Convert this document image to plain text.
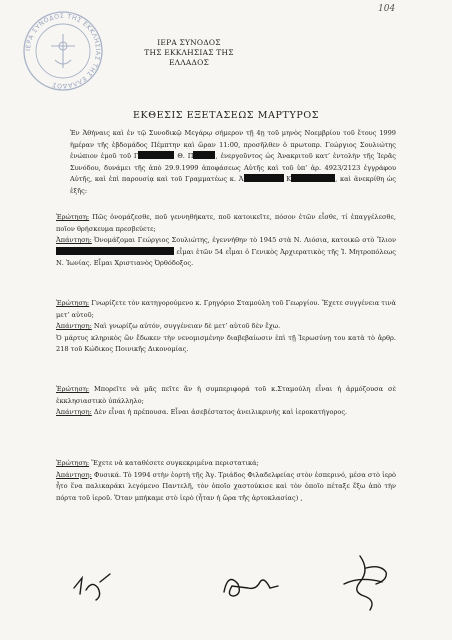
104
ΙΕΡΑ ΣΥΝΟΔΟΣ ΤΗΣ ΕΚΚΛΗΣΙΑΣ ΤΗΣ ΕΛΛΑΔΟΣ
ΙΕΡΑ ΣΥΝΟΔΟΣ
ΤΗΣ ΕΚΚΛΗΣΙΑΣ ΤΗΣ ΕΛΛΑΔΟΣ
ΕΚΘΕΣΙΣ ΕΞΕΤΑΣΕΩΣ ΜΑΡΤΥΡΟΣ

Ἐν Ἀθήναις καὶ ἐν τῷ Συνοδικῷ Μεγάρῳ σήμερον τῇ 4ῃ τοῦ μηνὸς Νοεμβρίου τοῦ ἔτους 1999 ἡμέραν τῆς ἑβδομάδος Πέμπτην καὶ ὥραν 11:00, προσῆλθεν ὁ πρωτοπρ. Γεώργιος Σουλιώτης ἐνώπιον ἐμοῦ τοῦ Γ	Θ. Π	, ἐνεργοῦντος ὡς Ἀνακριτοῦ κατ’ ἐντολὴν τῆς Ἱερᾶς Συνόδου, δυνάμει τῆς ἀπὸ 29.9.1999 ἀποφάσεως Αὐτῆς καὶ τοῦ ὑπ’ ἀρ. 4923/2123 ἐγγράφου Αὐτῆς, καὶ ἐπὶ παρουσίᾳ καὶ τοῦ Γραμματέως κ. Ἀ	Κ	, καὶ ἀνεκρίθη ὡς ἑξῆς:

Ἐρώτηση: Πῶς ὀνομάζεσθε, ποῦ γεννηθήκατε, ποῦ κατοικεῖτε, πόσον ἐτῶν εἶσθε, τί ἐπαγγέλεσθε, ποῖον θρήσκευμα πρεσβεύετε;

Ἀπάντηση: Ὀνομάζομαι Γεώργιος Σουλιώτης, ἐγεννήθην τὸ 1945 στὰ Ν. Λιόσια, κατοικῶ στὸ Ἴλιον  εἶμαι ἐτῶν 54 εἶμαι ὁ Γενικὸς Ἀρχιερατικὸς τῆς Ἱ. Μητροπόλεως Ν. Ἰωνίας. Εἶμαι Χριστιανὸς Ὀρθόδοξος.

Ἐρώτηση: Γνωρίζετε τὸν κατηγορούμενο κ. Γρηγόριο Σταμούλη τοῦ Γεωργίου. Ἔχετε συγγένεια τινὰ μετ’ αὐτοῦ;

Ἀπάντηση: Ναὶ γνωρίζω αὐτόν, συγγένειαν δὲ μετ’ αὐτοῦ δὲν ἔχω.

Ὁ μάρτυς κληρικὸς ὢν ἔδωκεν τὴν νενομισμένην διαβεβαίωσιν ἐπὶ τῇ Ἱερωσύνῃ του κατὰ τὸ ἄρθρ. 218 τοῦ Κώδικος Ποινικῆς Δικονομίας.

Ἐρώτηση: Μπορεῖτε νὰ μᾶς πεῖτε ἂν ἡ συμπεριφορά τοῦ κ.Σταμούλη εἶναι ἡ ἁρμόζουσα σὲ ἐκκλησιαστικὸ ὑπάλληλο;

Ἀπάντηση: Δὲν εἶναι ἡ πρέπουσα. Εἶναι ἀσεβέστατος ἀνειλικρινὴς καὶ ἱεροκατήγορος.

Ἐρώτηση: Ἔχετε νὰ καταθέσετε συγκεκριμένα περιστατικά;

Ἀπάντηση: Φυσικά. Τὸ 1994 στὴν ἑορτὴ τῆς Ἁγ. Τριάδος Φιλαδελφείας στὸν ἑσπερινό, μέσα στὸ ἱερὸ ἦτο ἕνα παλικαράκι λεγόμενο Παντελῆ, τὸν ὁποῖο χαστούκισε καὶ τὸν ὁποῖο πέταξε ἔξω ἀπὸ τὴν πόρτα τοῦ ἱεροῦ. Ὅταν μπήκαμε στὸ ἱερὸ (ἦταν ἡ ὥρα τῆς ἀρτοκλασίας) ,
